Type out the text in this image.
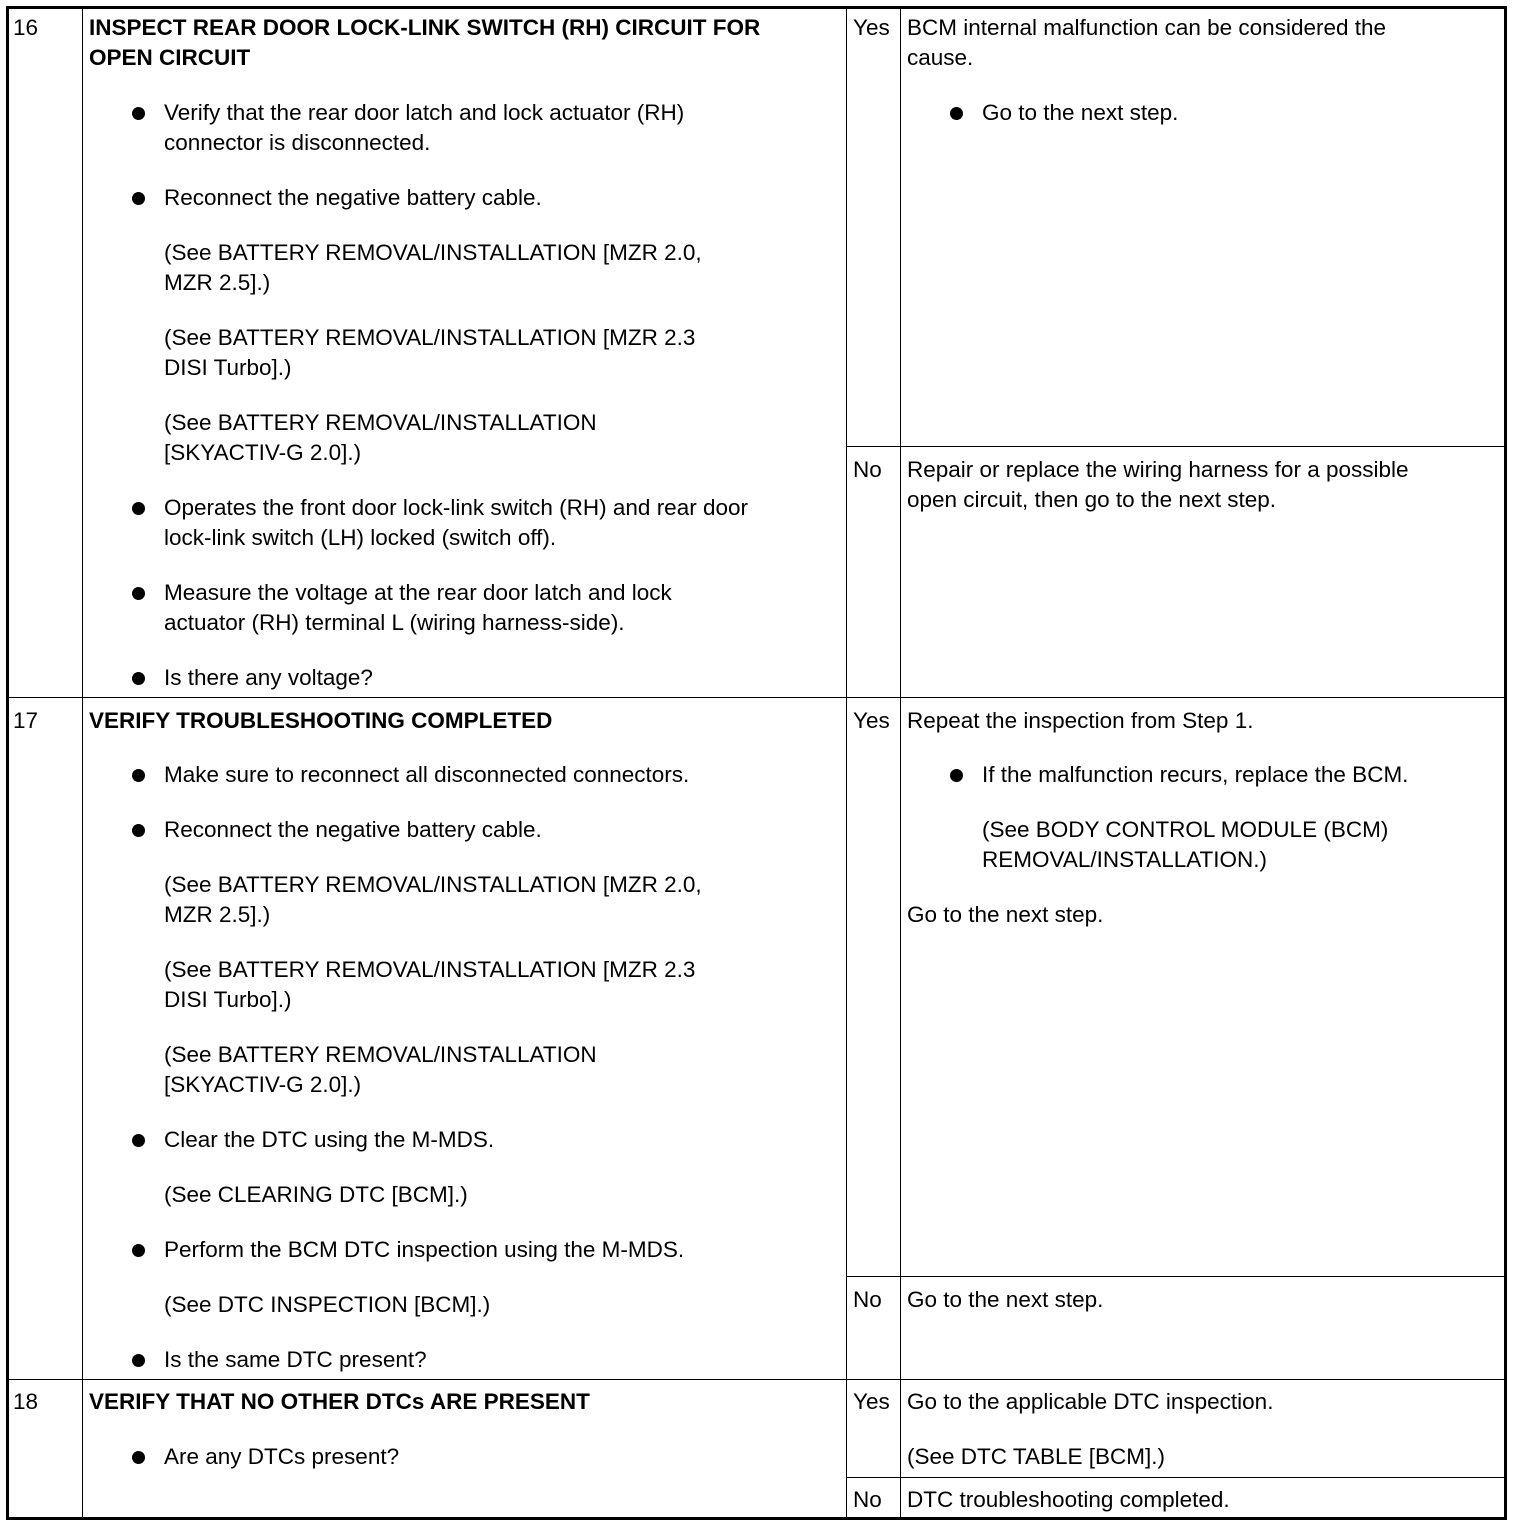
16 INSPECT REAR DOOR LOCK-LINK SWITCH (RH) CIRCUIT FOR
OPEN CIRCUIT

Verify that the rear door latch and lock actuator (RH)
connector is disconnected.

Reconnect the negative battery cable.

(See BATTERY REMOVAL/INSTALLATION [MZR 2.0,
MZR 2.5].)

(See BATTERY REMOVAL/INSTALLATION [MZR 2.3
DISI Turbo].)

(See BATTERY REMOVAL/INSTALLATION
[SKYACTIV-G 2.0].)

Operates the front door lock-link switch (RH) and rear door
lock-link switch (LH) locked (switch off).

Measure the voltage at the rear door latch and lock
actuator (RH) terminal L (wiring harness-side).

Is there any voltage?

Yes BCM internal malfunction can be considered the
cause.

Go to the next step.

No Repair or replace the wiring harness for a possible
open circuit, then go to the next step.

17 VERIFY TROUBLESHOOTING COMPLETED

Make sure to reconnect all disconnected connectors.

Reconnect the negative battery cable.

(See BATTERY REMOVAL/INSTALLATION [MZR 2.0,
MZR 2.5].)

(See BATTERY REMOVAL/INSTALLATION [MZR 2.3
DISI Turbo].)

(See BATTERY REMOVAL/INSTALLATION
[SKYACTIV-G 2.0].)

Clear the DTC using the M-MDS.

(See CLEARING DTC [BCM].)

Perform the BCM DTC inspection using the M-MDS.

(See DTC INSPECTION [BCM].)

Is the same DTC present?

Yes Repeat the inspection from Step 1.

If the malfunction recurs, replace the BCM.

(See BODY CONTROL MODULE (BCM)
REMOVAL/INSTALLATION.)

Go to the next step.

No Go to the next step.

18 VERIFY THAT NO OTHER DTCs ARE PRESENT

Are any DTCs present?

Yes Go to the applicable DTC inspection.

(See DTC TABLE [BCM].)

No DTC troubleshooting completed.
